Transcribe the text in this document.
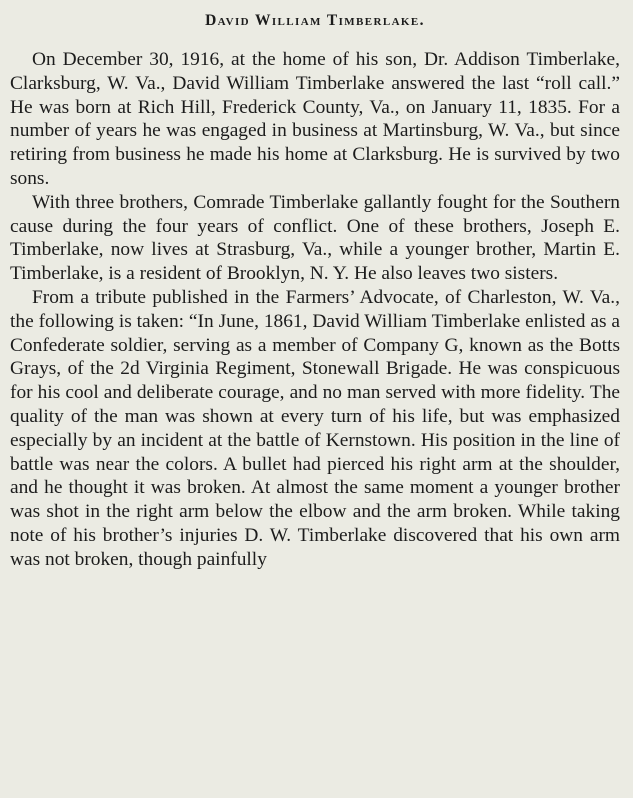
David William Timberlake.

On December 30, 1916, at the home of his son, Dr. Addison Timberlake, Clarksburg, W. Va., David William Timberlake answered the last “roll call.” He was born at Rich Hill, Frederick County, Va., on January 11, 1835. For a number of years he was engaged in business at Martinsburg, W. Va., but since retiring from business he made his home at Clarksburg. He is survived by two sons.

With three brothers, Comrade Timberlake gallantly fought for the Southern cause during the four years of conflict. One of these brothers, Joseph E. Timberlake, now lives at Strasburg, Va., while a younger brother, Martin E. Timberlake, is a resident of Brooklyn, N. Y. He also leaves two sisters.

From a tribute published in the Farmers’ Advocate, of Charleston, W. Va., the following is taken: “In June, 1861, David William Timberlake enlisted as a Confederate soldier, serving as a member of Company G, known as the Botts Grays, of the 2d Virginia Regiment, Stonewall Brigade. He was conspicuous for his cool and deliberate courage, and no man served with more fidelity. The quality of the man was shown at every turn of his life, but was emphasized especially by an incident at the battle of Kernstown. His position in the line of battle was near the colors. A bullet had pierced his right arm at the shoulder, and he thought it was broken. At almost the same moment a younger brother was shot in the right arm below the elbow and the arm broken. While taking note of his brother’s injuries D. W. Timberlake discovered that his own arm was not broken, though painfully
